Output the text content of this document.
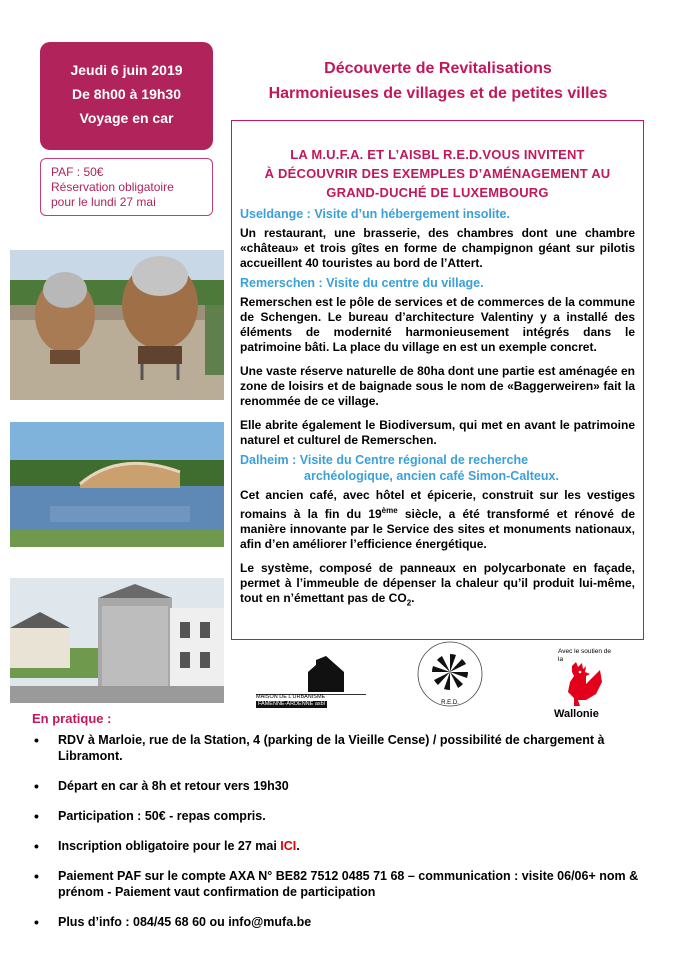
Jeudi 6 juin 2019
De 8h00 à 19h30
Voyage en car
PAF : 50€
Réservation obligatoire
pour le lundi 27 mai
Découverte de Revitalisations
Harmonieuses de villages et de petites villes
LA M.U.F.A. ET L’AISBL R.E.D.VOUS INVITENT
À DÉCOUVRIR DES EXEMPLES D’AMÉNAGEMENT AU
GRAND-DUCHÉ DE LUXEMBOURG
Useldange : Visite d’un hébergement insolite.

Un restaurant, une brasserie, des chambres dont une chambre «château» et trois gîtes en forme de champignon géant sur pilotis accueillent 40 touristes au bord de l’Attert.

Remerschen : Visite du centre du village.

Remerschen est le pôle de services et de commerces de la commune de Schengen. Le bureau d’architecture Valentiny y a installé des éléments de modernité harmonieusement intégrés dans le patrimoine bâti. La place du village en est un exemple concret.

Une vaste réserve naturelle de 80ha dont une partie est aménagée en zone de loisirs et de baignade sous le nom de «Baggerweiren» fait la renommée de ce village.

Elle abrite également le Biodiversum, qui met en avant le patrimoine naturel et culturel de Remerschen.

Dalheim : Visite du Centre régional de recherche
archéologique, ancien café Simon-Calteux.

Cet ancien café, avec hôtel et épicerie, construit sur les vestiges romains à la fin du 19ème siècle, a été transformé et rénové de manière innovante par le Service des sites et monuments nationaux, afin d’en améliorer l’efficience énergétique.

Le système, composé de panneaux en polycarbonate en façade, permet à l’immeuble de dépenser la chaleur qu’il produit lui-même, tout en n’émettant pas de $CO_2$.

MAISON DE L'URBANISME
FAMENNE-ARDENNE asbl	R.E.D.
Avec le soutien de
la
Wallonie
En pratique :
• RDV à Marloie, rue de la Station, 4 (parking de la Vieille Cense) / possibilité de chargement à Libramont.
• Départ en car à 8h et retour vers 19h30
• Participation : 50€ - repas compris.
• Inscription obligatoire pour le 27 mai ICI.
• Paiement PAF sur le compte AXA N° BE82 7512 0485 71 68 – communication : visite 06/06+ nom & prénom - Paiement vaut confirmation de participation
• Plus d’info : 084/45 68 60 ou info@mufa.be
